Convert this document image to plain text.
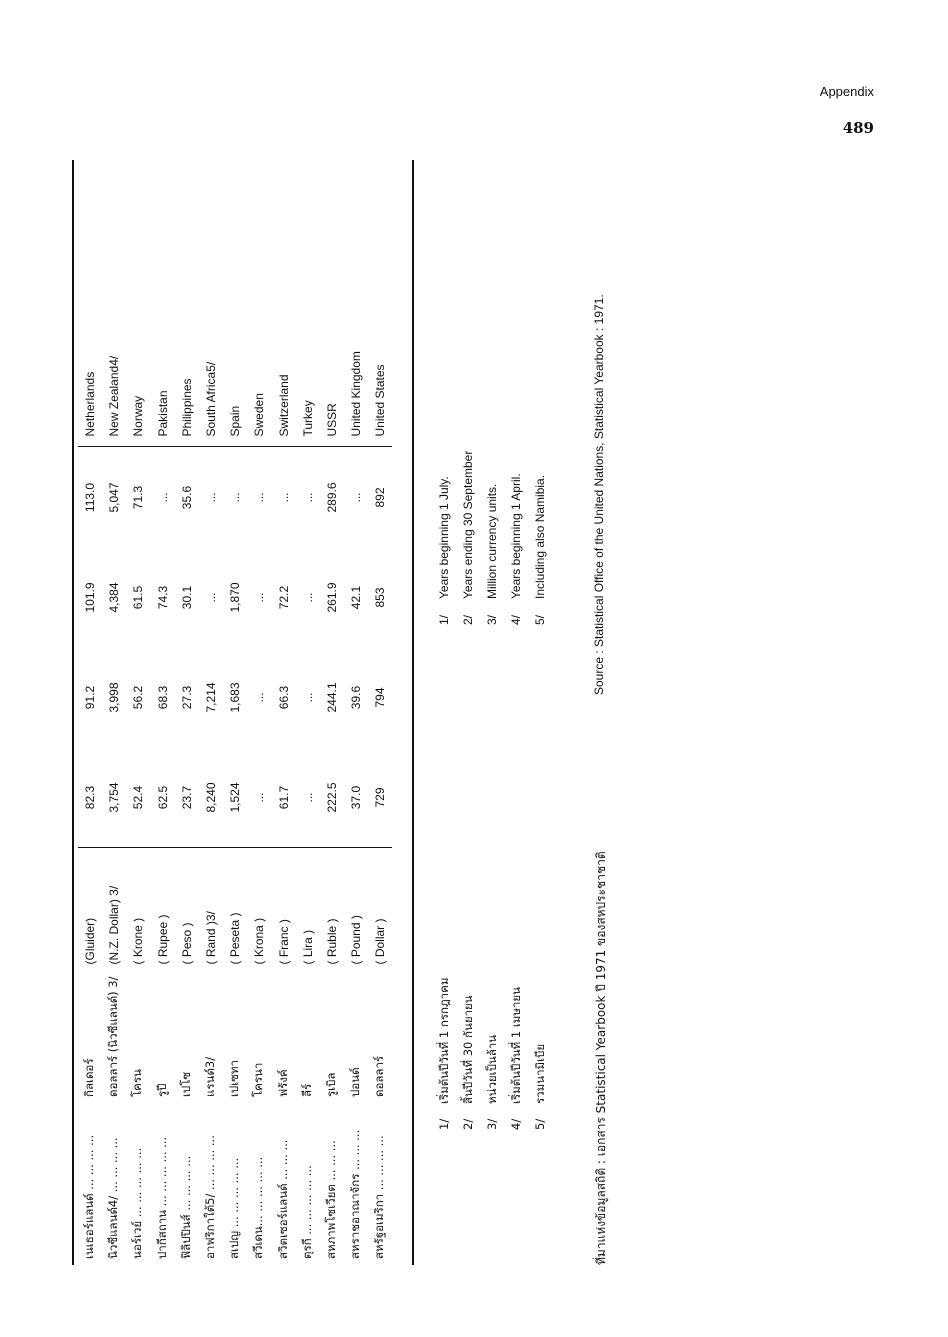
Appendix
489
เนเธอร์แลนด์ ... ... ... ...	กิลเดอร์	(Gluider)	82.3	91.2	101.9	113.0	Netherlands
นิวซีแลนด์4/ ... ... ... ...	ดอลลาร์ (นิวซีแลนด์) 3/	(N.Z. Dollar) 3/	3,754	3,998	4,384	5,047	New Zealand4/
นอร์เวย์ ... ... ... ... ...	โครน	( Krone )	52.4	56.2	61.5	71.3	Norway
ปากีสถาน ... ... ... ... ...	รูปี	( Rupee )	62.5	68.3	74.3	...	Pakistan
ฟิลิปปินส์ ... ... ... ...	เปโซ	( Peso )	23.7	27.3	30.1	35.6	Philippines
อาฟริกาใต้5/ ... ... ... ...	แรนด์3/	( Rand )3/	8,240	7,214	...	...	South Africa5/
สเปญ ... ... ... ... ...	เปเซทา	( Peseta )	1,524	1,683	1,870	...	Spain
สวีเดน... ... ... ... ...	โครนา	( Krona )	...	...	...	...	Sweden
สวิตเซอร์แลนด์ ... ... ...	ฟรังค์	( Franc )	61.7	66.3	72.2	...	Switzerland
ตุรกี ... ... ... ... ...	ลีร์	( Lira )	...	...	...	...	Turkey
สหภาพโซเวียต ... ... ...	รูเบิล	( Ruble )	222.5	244.1	261.9	289.6	USSR
สหราชอาณาจักร ... ... ...	ปอนด์	( Pound )	37.0	39.6	42.1	...	United Kingdom
สหรัฐอเมริกา ... ... ... ...	ดอลลาร์	( Dollar )	729	794	853	892	United States
1/เริ่มต้นปีวันที่ 1 กรกฎาคม
2/สิ้นปีวันที่ 30 กันยายน
3/หน่วยเป็นล้าน
4/เริ่มต้นปีวันที่ 1 เมษายน
5/รวมนามิเบีย
1/Years beginning 1 July.
2/Years ending 30 September
3/Million currency units.
4/Years beginning 1 April.
5/Including also Namibia.
ที่มาแห่งข้อมูลสถิติ : เอกสาร Statistical Yearbook ปี 1971 ของสหประชาชาติ
Source : Statistical Office of the United Nations, Statistical Yearbook : 1971.
